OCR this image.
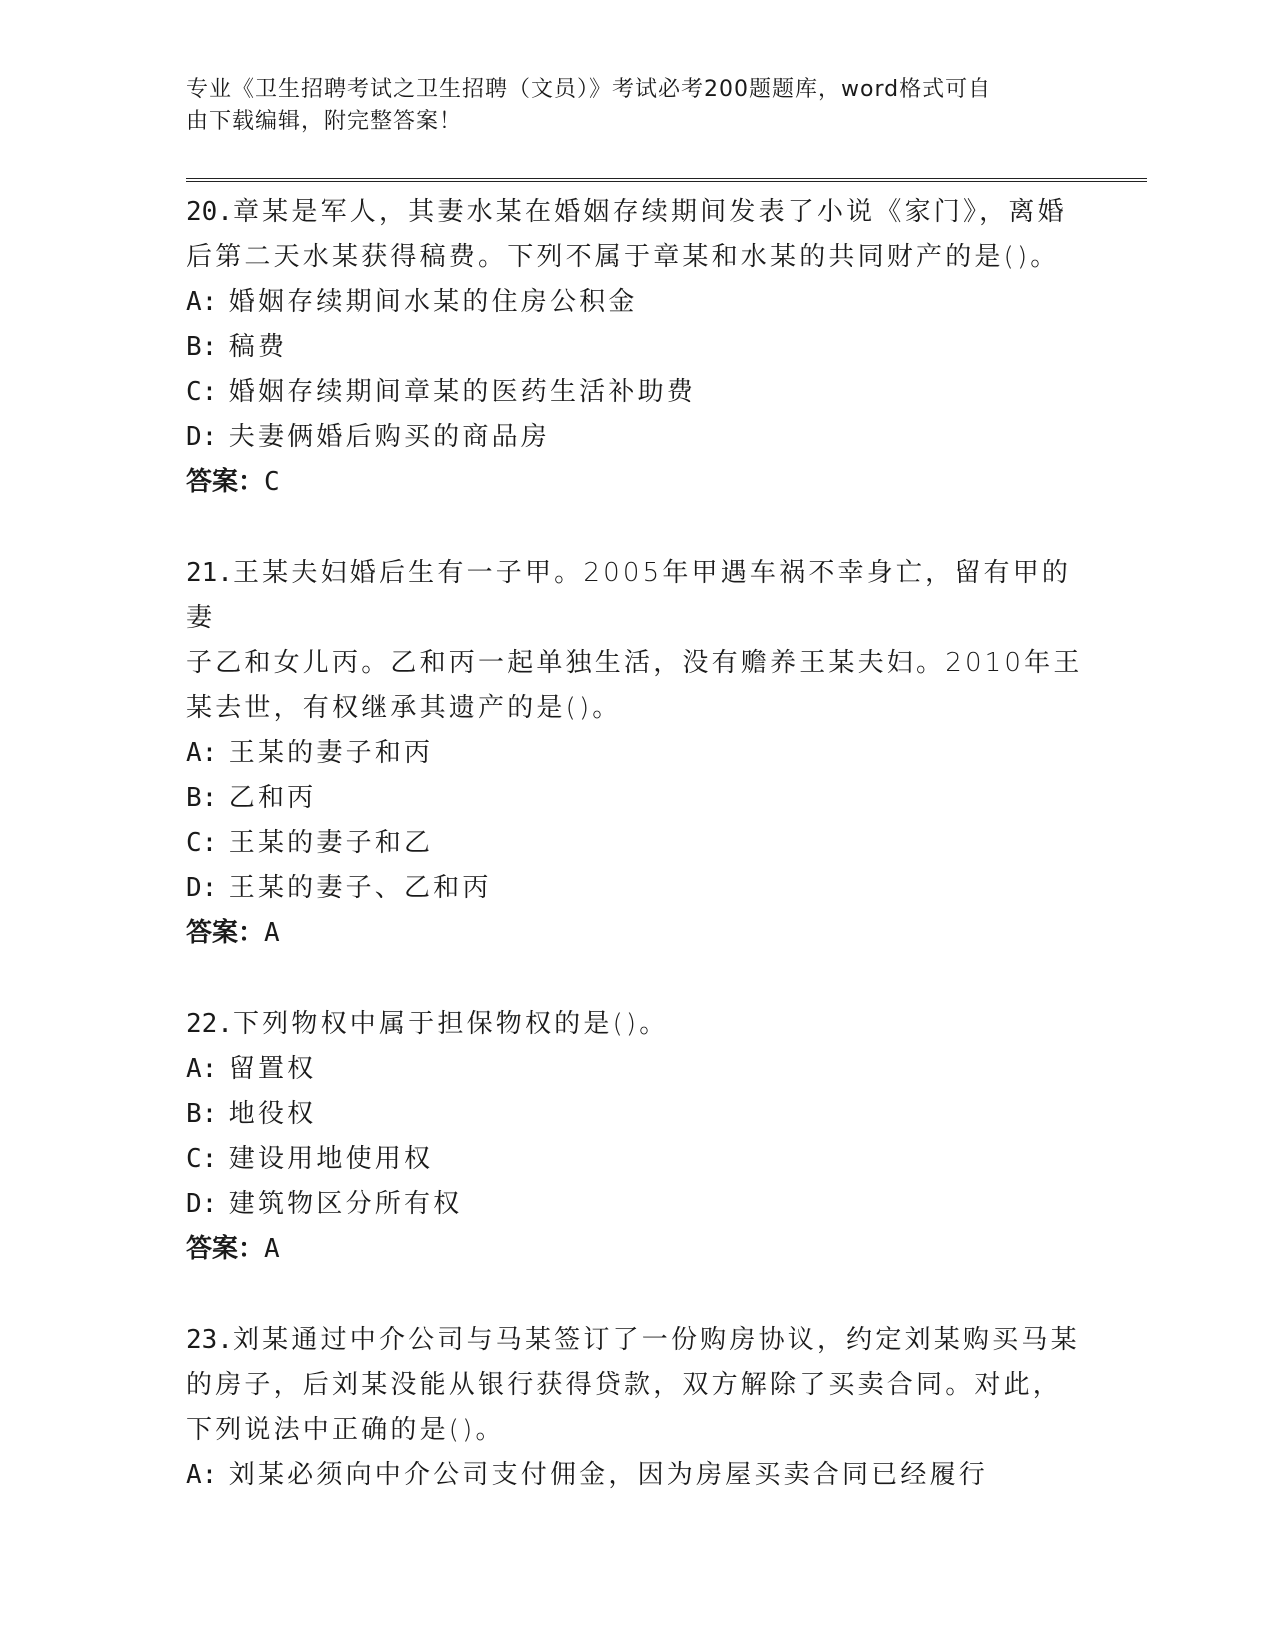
专业《卫生招聘考试之卫生招聘（文员）》考试必考200题题库，word格式可自
由下载编辑，附完整答案！
20.章某是军人，其妻水某在婚姻存续期间发表了小说《家门》，离婚
后第二天水某获得稿费。下列不属于章某和水某的共同财产的是()。
A: 婚姻存续期间水某的住房公积金
B: 稿费
C: 婚姻存续期间章某的医药生活补助费
D: 夫妻俩婚后购买的商品房
答案：C
21.王某夫妇婚后生有一子甲。2005年甲遇车祸不幸身亡，留有甲的妻
子乙和女儿丙。乙和丙一起单独生活，没有赡养王某夫妇。2010年王
某去世，有权继承其遗产的是()。
A: 王某的妻子和丙
B: 乙和丙
C: 王某的妻子和乙
D: 王某的妻子、乙和丙
答案：A
22.下列物权中属于担保物权的是()。
A: 留置权
B: 地役权
C: 建设用地使用权
D: 建筑物区分所有权
答案：A
23.刘某通过中介公司与马某签订了一份购房协议，约定刘某购买马某
的房子，后刘某没能从银行获得贷款，双方解除了买卖合同。对此，
下列说法中正确的是()。
A: 刘某必须向中介公司支付佣金，因为房屋买卖合同已经履行
